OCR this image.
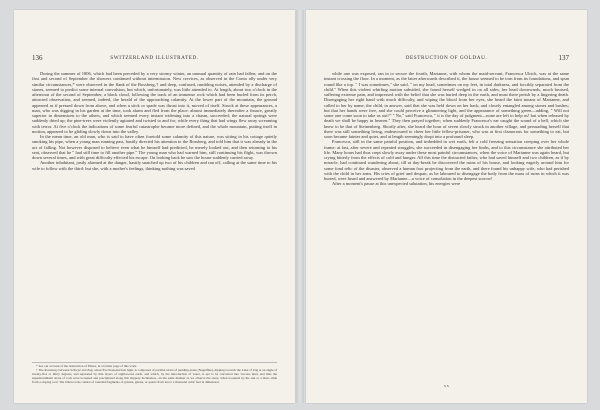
136	SWITZERLAND ILLUSTRATED.

During the summer of 1806, which had been preceded by a very stormy winter, an unusual quantity of rain had fallen; and on the first and second of September the showers continued without intermission. New crevices, as observed in the Conto ally under very similar circumstances,* were observed in the flank of the Rossberg,† and deep, confused, rumbling noises, attended by a discharge of stones, seemed to predict some internal convulsion, but which, unfortunately, was little attended to. At length, about two o'clock in the afternoon of the second of September, a black cloud, following the track of an immense rock which had been hurled from its perch, attracted observation, and seemed, indeed, the herald of the approaching calamity. At the lower part of the mountain, the ground appeared as if pressed down from above, and when a stick or spade was thrust into it, moved of itself. Struck at these appearances, a man, who was digging in his garden at the time, took alarm and fled from the place: almost immediately thereafter a fissure, greatly superior in dimensions to the others, and which seemed every instant widening into a chasm, succeeded; the natural springs were suddenly dried up; the pine-trees were violently agitated and twisted to and fro; while every thing that had wings flew away screaming with terror. At five o'clock the indications of some fearful catastrophe became more defined, and the whole mountain, putting itself in motion, appeared to be gliding slowly down into the valley.

In the mean time, an old man, who is said to have often foretold some calamity of this nature, was sitting in his cottage quietly smoking his pipe, when a young man running past, hastily directed his attention to the Rossberg, and told him that it was already in the act of falling. Not however disposed to believe even what he himself had predicted, he merely looked out, and then returning to his seat, observed that he " had still time to fill another pipe." The young man who had warned him, still continuing his flight, was thrown down several times, and with great difficulty effected his escape. On looking back he saw the house suddenly carried away.

Another inhabitant, justly alarmed at the danger, hastily snatched up two of his children and ran off, calling at the same time to his wife to follow with the third: but she, with a mother's feelings, thinking nothing was saved

* See our account of the destruction of Pleurs, in a former page of this work.

† The Rossberg, between Schwyz and Zug, about five thousand feet high, is composed of parallel strata of pudding-stone (Nagelflue), dipping towards the Lake of Zug at an angle of twenty-five or thirty degrees, and separated by thin layers of argillaceous earth, and which, by the introduction of water, is apt to be converted into viscous mud, and thus the superincumbent strata of rock were loosened and precipitated along this slippery inclination—in the same manner as we observe the snow, when loosened by the sun or a thaw, slide from a sloping roof. The fallen rocks consist of rounded fragments of granite, gneiss, or quartz from ten to a thousand cubic feet in dimension.

DESTRUCTION OF GOLDAU.	137

while one was exposed, ran in to secure the fourth, Marianne, with whom the maid-servant, Francesca Ulrich, was at the same instant crossing the floor. In a moment, as the latter afterwards described it, the house seemed to be torn from its foundations, and spun round like a top. " I was sometimes," she said, " on my head, sometimes on my feet, in total darkness, and forcibly separated from the child." When this violent whirling motion subsided, she found herself wedged in on all sides, her head downwards, much bruised, suffering extreme pain, and impressed with the belief that she was buried deep in the earth, and must there perish by a lingering death. Disengaging her right hand with much difficulty, and wiping the blood from her eyes, she heard the faint moans of Marianne, and called to her by name; the child, in answer, said that she was held down on her back, and closely entangled among stones and bushes; but that her hands were free, and she could perceive a glimmering light, and the appearance of something green—adding, " Will not some one come soon to take us out?" " No," said Francesca, " it is the day of judgment—none are left to help us! but when released by death we shall be happy in heaven." They then prayed together; when suddenly Francesca's ear caught the sound of a bell, which she knew to be that of Steinenberg. Shortly after, she heard the hour of seven slowly struck in another village, and persuading herself that there was still something living, endeavoured to cheer her little fellow-prisoner, who was at first clamorous for something to eat, but soon became fainter and quiet, and at length seemingly dropt into a profound sleep.

Francesca, still in the same painful position, and imbedded in wet earth, felt a cold freezing sensation creeping over her whole frame: at last, after severe and repeated struggles, she succeeded in disengaging her limbs, and to this circumstance she attributed her life. Many hours had thus crept slowly away under these most painful circumstances, when the voice of Marianne was again heard, but crying bitterly from the effects of cold and hunger. All this time the distracted father, who had saved himself and two children, as if by miracle, had continued wandering about; till at day-break he discovered the ruins of his house, and looking eagerly around him for some fond relic of the disaster, observed a human foot projecting from the earth, and there found his unhappy wife, who had perished with the child in her arms. His cries of grief and despair, as he laboured to disengage the body from the mass of ruins in which it was buried, were heard and answered by Marianne—a voice of consolation in the deepest sorrow!

After a moment's pause at this unexpected salutation, his energies were

s s
